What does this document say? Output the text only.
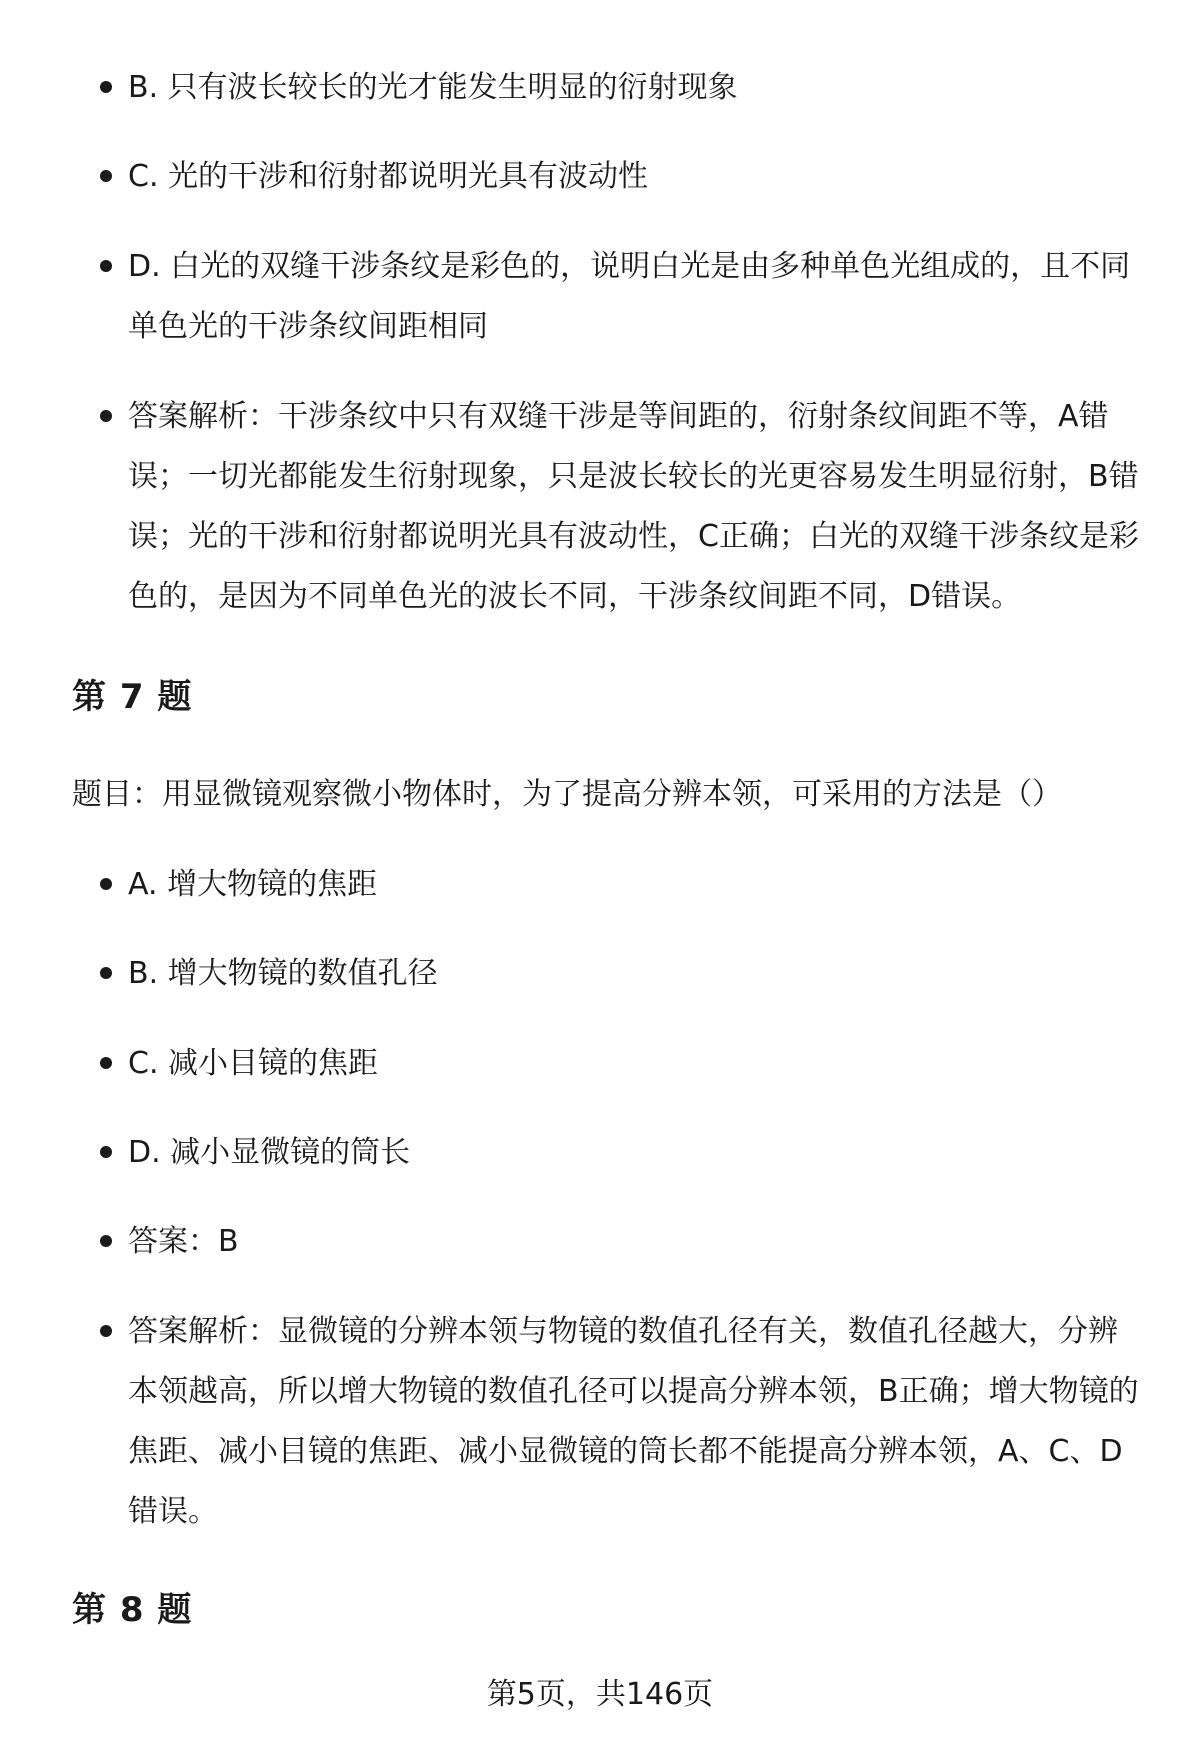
B. 只有波长较长的光才能发生明显的衍射现象
C. 光的干涉和衍射都说明光具有波动性
D. 白光的双缝干涉条纹是彩色的，说明白光是由多种单色光组成的，且不同单色光的干涉条纹间距相同
答案解析：干涉条纹中只有双缝干涉是等间距的，衍射条纹间距不等，A错误；一切光都能发生衍射现象，只是波长较长的光更容易发生明显衍射，B错误；光的干涉和衍射都说明光具有波动性，C正确；白光的双缝干涉条纹是彩色的，是因为不同单色光的波长不同，干涉条纹间距不同，D错误。
第 7 题
题目：用显微镜观察微小物体时，为了提高分辨本领，可采用的方法是（）
A. 增大物镜的焦距
B. 增大物镜的数值孔径
C. 减小目镜的焦距
D. 减小显微镜的筒长
答案：B
答案解析：显微镜的分辨本领与物镜的数值孔径有关，数值孔径越大，分辨本领越高，所以增大物镜的数值孔径可以提高分辨本领，B正确；增大物镜的焦距、减小目镜的焦距、减小显微镜的筒长都不能提高分辨本领，A、C、D错误。
第 8 题
第5页，共146页
